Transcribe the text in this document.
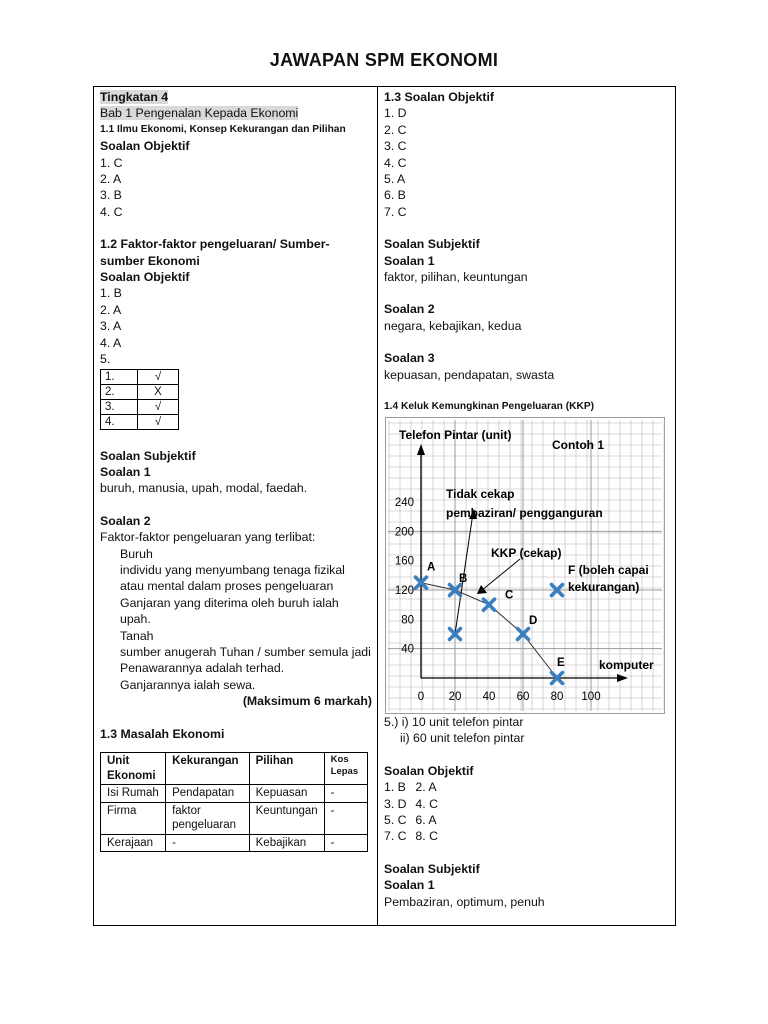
JAWAPAN SPM EKONOMI
Tingkatan 4
Bab 1 Pengenalan Kepada Ekonomi
1.1 Ilmu Ekonomi, Konsep Kekurangan dan Pilihan
Soalan Objektif
1. C
2. A
3. B
4. C
1.2 Faktor-faktor pengeluaran/ Sumber-sumber Ekonomi
Soalan Objektif
1. B
2. A
3. A
4. A
5.
1.	√
2.	X
3.	√
4.	√
Soalan Subjektif
Soalan 1
buruh, manusia, upah, modal, faedah.
Soalan 2
Faktor-faktor pengeluaran yang terlibat:
Buruh
individu yang menyumbang tenaga fizikal atau mental dalam proses pengeluaran
Ganjaran yang diterima oleh buruh ialah upah.
Tanah
sumber anugerah Tuhan / sumber semula jadi
Penawarannya adalah terhad.
Ganjarannya ialah sewa.
(Maksimum 6 markah)
1.3 Masalah Ekonomi
Unit Ekonomi	Kekurangan	Pilihan	Kos Lepas
Isi Rumah	Pendapatan	Kepuasan	-
Firma	faktor pengeluaran	Keuntungan	-
Kerajaan	-	Kebajikan	-
1.3 Soalan Objektif
1. D
2. C
3. C
4. C
5. A
6. B
7. C
Soalan Subjektif
Soalan 1
faktor, pilihan, keuntungan
Soalan 2
negara, kebajikan, kedua
Soalan 3
kepuasan, pendapatan, swasta
1.4 Keluk Kemungkinan Pengeluaran (KKP)
Telefon Pintar (unit)
Contoh 1
komputer
0 20 40 60 80 100
40
80
120
160
200
240
A
B
C
D
E
Tidak cekap
pembaziran/ pengganguran
KKP (cekap)
F (boleh capai
kekurangan)
5.) i) 10 unit telefon pintar
ii) 60 unit telefon pintar
Soalan Objektif
1. B 2. A
3. D 4. C
5. C 6. A
7. C 8. C
Soalan Subjektif
Soalan 1
Pembaziran, optimum, penuh
